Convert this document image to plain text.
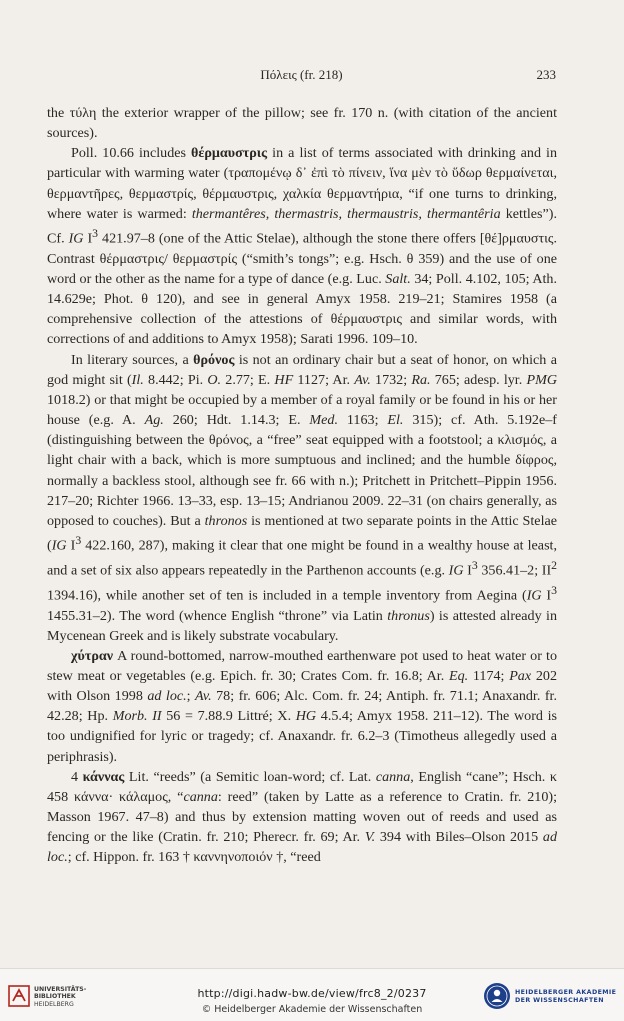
Πόλεις (fr. 218)	233

the τύλη the exterior wrapper of the pillow; see fr. 170 n. (with citation of the ancient sources).

Poll. 10.66 includes θέρμαυστρις in a list of terms associated with drinking and in particular with warming water (τραπομένῳ δ᾽ ἐπὶ τὸ πίνειν, ἵνα μὲν τὸ ὕδωρ θερμαίνεται, θερμαντῆρες, θερμαστρίς, θέρμαυστρις, χαλκία θερμαντήρια, “if one turns to drinking, where water is warmed: thermantêres, thermastris, thermaustris, thermantêria kettles”). Cf. IG $I^3$ 421.97–8 (one of the Attic Stelae), although the stone there offers [θέ]ρμαυστις. Contrast θέρμαστρις/ θερμαστρίς (“smith’s tongs”; e.g. Hsch. θ 359) and the use of one word or the other as the name for a type of dance (e.g. Luc. Salt. 34; Poll. 4.102, 105; Ath. 14.629e; Phot. θ 120), and see in general Amyx 1958. 219–21; Stamires 1958 (a comprehensive collection of the attestions of θέρμαυστρις and similar words, with corrections of and additions to Amyx 1958); Sarati 1996. 109–10.

In literary sources, a θρόνος is not an ordinary chair but a seat of honor, on which a god might sit (Il. 8.442; Pi. O. 2.77; E. HF 1127; Ar. Av. 1732; Ra. 765; adesp. lyr. PMG 1018.2) or that might be occupied by a member of a royal family or be found in his or her house (e.g. A. Ag. 260; Hdt. 1.14.3; E. Med. 1163; El. 315); cf. Ath. 5.192e–f (distinguishing between the θρόνος, a “free” seat equipped with a footstool; a κλισμός, a light chair with a back, which is more sumptuous and inclined; and the humble δίφρος, normally a backless stool, although see fr. 66 with n.); Pritchett in Pritchett–Pippin 1956. 217–20; Richter 1966. 13–33, esp. 13–15; Andrianou 2009. 22–31 (on chairs generally, as opposed to couches). But a thronos is mentioned at two separate points in the Attic Stelae (IG $I^3$ 422.160, 287), making it clear that one might be found in a wealthy house at least, and a set of six also appears repeatedly in the Parthenon accounts (e.g. IG $I^3$ 356.41–2; $II^2$ 1394.16), while another set of ten is included in a temple inventory from Aegina (IG $I^3$ 1455.31–2). The word (whence English “throne” via Latin thronus) is attested already in Mycenean Greek and is likely substrate vocabulary.

χύτραν A round-bottomed, narrow-mouthed earthenware pot used to heat water or to stew meat or vegetables (e.g. Epich. fr. 30; Crates Com. fr. 16.8; Ar. Eq. 1174; Pax 202 with Olson 1998 ad loc.; Av. 78; fr. 606; Alc. Com. fr. 24; Antiph. fr. 71.1; Anaxandr. fr. 42.28; Hp. Morb. II 56 = 7.88.9 Littré; X. HG 4.5.4; Amyx 1958. 211–12). The word is too undignified for lyric or tragedy; cf. Anaxandr. fr. 6.2–3 (Timotheus allegedly used a periphrasis).

4 κάννας Lit. “reeds” (a Semitic loan-word; cf. Lat. canna, English “cane”; Hsch. κ 458 κάννα· κάλαμος, “canna: reed” (taken by Latte as a reference to Cratin. fr. 210); Masson 1967. 47–8) and thus by extension matting woven out of reeds and used as fencing or the like (Cratin. fr. 210; Pherecr. fr. 69; Ar. V. 394 with Biles–Olson 2015 ad loc.; cf. Hippon. fr. 163 † καννηνοποιόν †, “reed

UNIVERSITÄTS-
BIBLIOTHEK
HEIDELBERG
http://digi.hadw-bw.de/view/frc8_2/0237
© Heidelberger Akademie der Wissenschaften
HEIDELBERGER AKADEMIE
DER WISSENSCHAFTEN
